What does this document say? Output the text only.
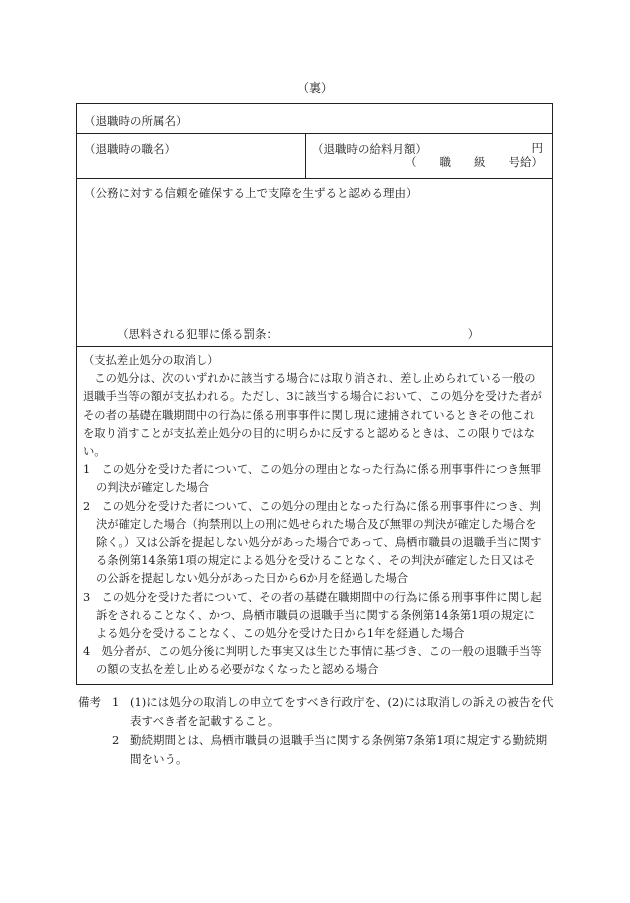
（裏）
（退職時の所属名）
（退職時の職名）	（退職時の給料月額）	円
（　　職　　級　　号給）
（公務に対する信頼を確保する上で支障を生ずると認める理由）
（思料される犯罪に係る罰条：　　　　　　　　　　　　　　　　　）

（支払差止処分の取消し）

この処分は、次のいずれかに該当する場合には取り消され、差し止められている一般の退職手当等の額が支払われる。ただし、3に該当する場合において、この処分を受けた者がその者の基礎在職期間中の行為に係る刑事事件に関し現に逮捕されているときその他これを取り消すことが支払差止処分の目的に明らかに反すると認めるときは、この限りではない。

1　この処分を受けた者について、この処分の理由となった行為に係る刑事事件につき無罪の判決が確定した場合

2　この処分を受けた者について、この処分の理由となった行為に係る刑事事件につき、判決が確定した場合（拘禁刑以上の刑に処せられた場合及び無罪の判決が確定した場合を除く。）又は公訴を提起しない処分があった場合であって、鳥栖市職員の退職手当に関する条例第14条第1項の規定による処分を受けることなく、その判決が確定した日又はその公訴を提起しない処分があった日から6か月を経過した場合

3　この処分を受けた者について、その者の基礎在職期間中の行為に係る刑事事件に関し起訴をされることなく、かつ、鳥栖市職員の退職手当に関する条例第14条第1項の規定による処分を受けることなく、この処分を受けた日から1年を経過した場合

4　処分者が、この処分後に判明した事実又は生じた事情に基づき、この一般の退職手当等の額の支払を差し止める必要がなくなったと認める場合

備考 1 (1)には処分の取消しの申立てをすべき行政庁を、(2)には取消しの訴えの被告を代表すべき者を記載すること。
2 勤続期間とは、鳥栖市職員の退職手当に関する条例第7条第1項に規定する勤続期間をいう。
